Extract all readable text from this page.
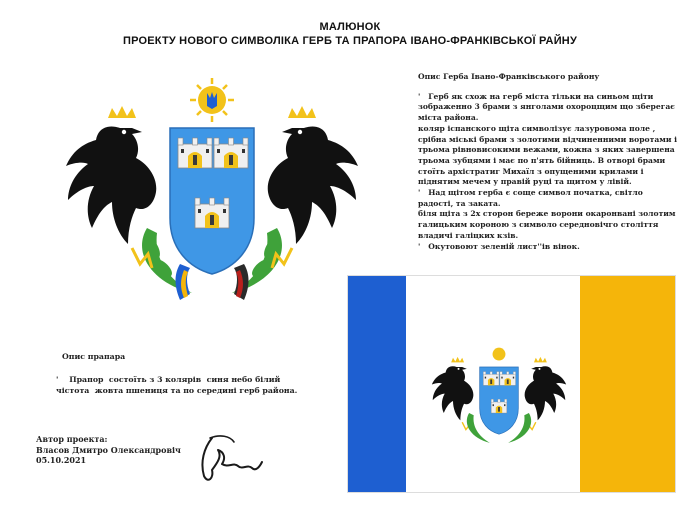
МАЛЮНОК
ПРОЕКТУ НОВОГО СИМВОЛІКА ГЕРБ ТА ПРАПОРА ІВАНО-ФРАНКІВСЬКОЇ РАЙНУ

Опис Герба Івано-Франківського району

'   Герб як схож на герб міста тільки на синьом щіти

зображенно 3 брами з янголами охороцщим що зберегає

міста района.

коляр іспанского щіта символізує лазуровома поле ,

срібна міські брами з золотими відчиненними воротами і

трьома рівновисокими вежами, кожна з яких завершена

трьома зубцями і має по п'ять бійниць. В отворі брами

стоїть архістратиг Михаїл з опущеними крилами і

піднятим мечем у правій руці та щитом у лівій.

'   Над щітом герба є соще символ початка, світло

радості, та заката.

біля щіта з 2х сторон береже ворони окаронвані золотим

галицьким короною з символо середновічго століття

владичі галіцких кзів.

'   Окутовоют зеленій лист''ів вінок.

Опис прапара

'    Прапор  состоїть з 3 колярів  синя небо білий

чістота  жовта пшениця та по середині герб района.

Автор проекта:
Власов Дмитро Олександровіч
05.10.2021
